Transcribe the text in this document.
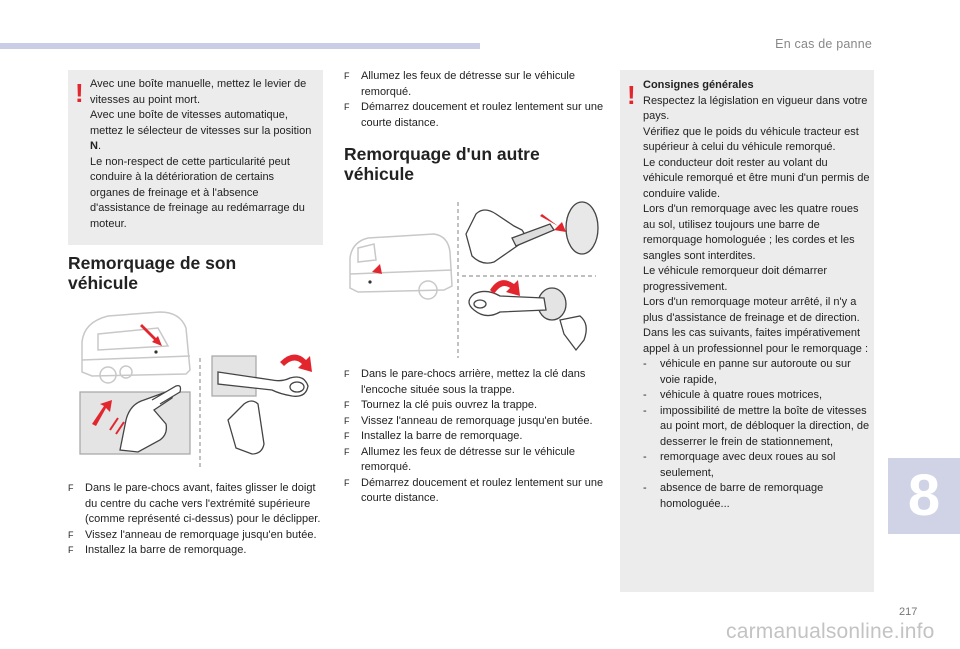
En cas de panne
! Avec une boîte manuelle, mettez le levier de vitesses au point mort.

Avec une boîte de vitesses automatique, mettez le sélecteur de vitesses sur la position N.

Le non-respect de cette particularité peut conduire à la détérioration de certains organes de freinage et à l'absence d'assistance de freinage au redémarrage du moteur.

Remorquage de son
véhicule
F Dans le pare-chocs avant, faites glisser le doigt du centre du cache vers l'extrémité supérieure (comme représenté ci-dessus) pour le déclipper.
F Vissez l'anneau de remorquage jusqu'en butée.
F Installez la barre de remorquage.
F Allumez les feux de détresse sur le véhicule remorqué.
F Démarrez doucement et roulez lentement sur une courte distance.
Remorquage d'un autre
véhicule
F Dans le pare-chocs arrière, mettez la clé dans l'encoche située sous la trappe.
F Tournez la clé puis ouvrez la trappe.
F Vissez l'anneau de remorquage jusqu'en butée.
F Installez la barre de remorquage.
F Allumez les feux de détresse sur le véhicule remorqué.
F Démarrez doucement et roulez lentement sur une courte distance.
! Consignes générales

Respectez la législation en vigueur dans votre pays.

Vérifiez que le poids du véhicule tracteur est supérieur à celui du véhicule remorqué.

Le conducteur doit rester au volant du véhicule remorqué et être muni d'un permis de conduire valide.

Lors d'un remorquage avec les quatre roues au sol, utilisez toujours une barre de remorquage homologuée ; les cordes et les sangles sont interdites.

Le véhicule remorqueur doit démarrer progressivement.

Lors d'un remorquage moteur arrêté, il n'y a plus d'assistance de freinage et de direction.

Dans les cas suivants, faites impérativement appel à un professionnel pour le remorquage :

- véhicule en panne sur autoroute ou sur voie rapide,
- véhicule à quatre roues motrices,
- impossibilité de mettre la boîte de vitesses au point mort, de débloquer la direction, de desserrer le frein de stationnement,
- remorquage avec deux roues au sol seulement,
- absence de barre de remorquage homologuée...	8
217
carmanualsonline.info
